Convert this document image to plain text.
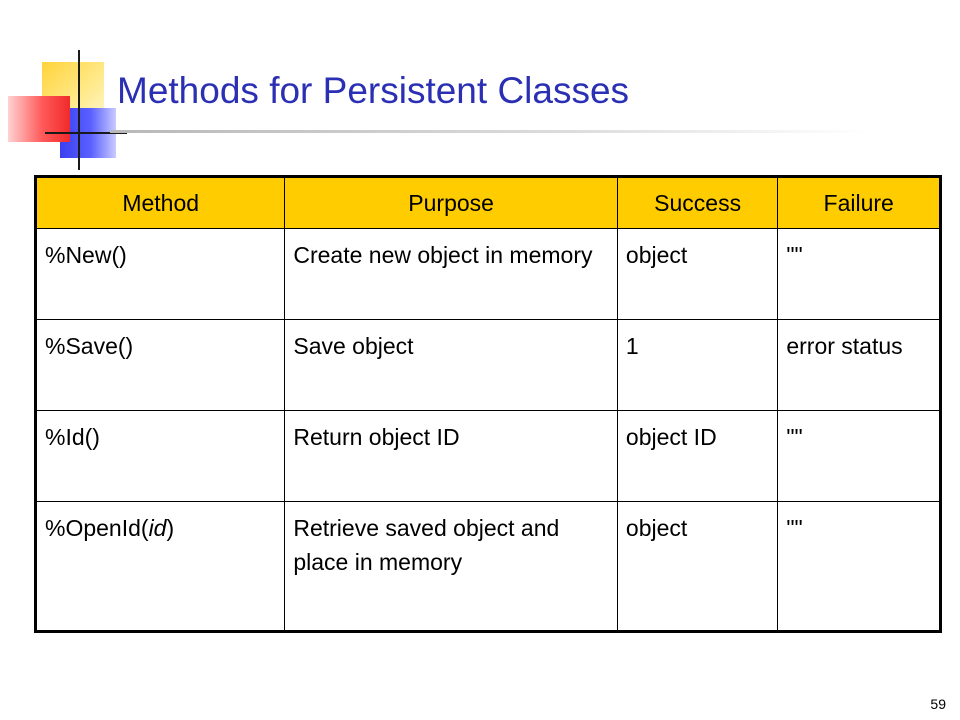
Methods for Persistent Classes
Method	Purpose	Success	Failure
%New()	Create new object in memory	object	""
%Save()	Save object	1	error status
%Id()	Return object ID	object ID	""
%OpenId(id)	Retrieve saved object and place in memory	object	""
59
